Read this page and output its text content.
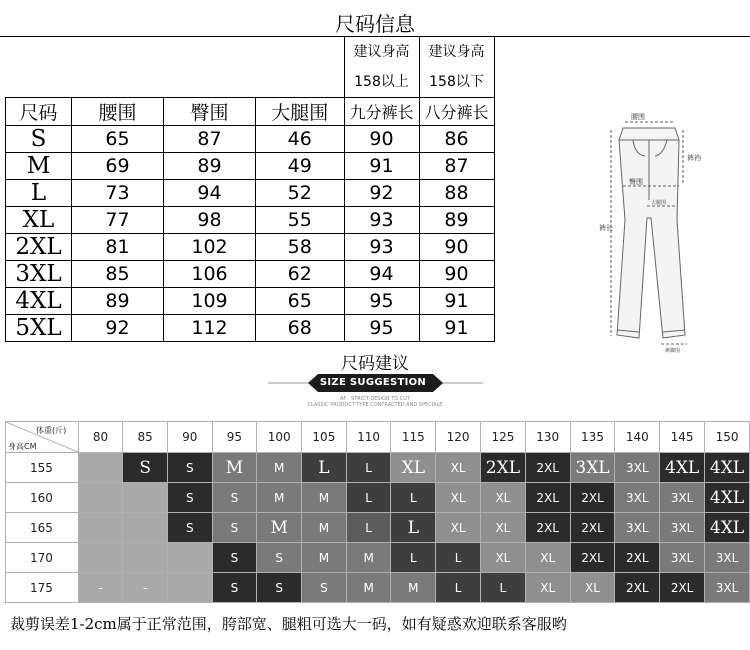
尺码信息
				建议身高	建议身高	
				158以上	158以下	
尺码	腰围	臀围	大腿围	九分裤长	八分裤长	
S	65	87	46	90	86	
M	69	89	49	91	87	
L	73	94	52	92	88	
XL	77	98	55	93	89	
2XL	81	102	58	93	90	
3XL	85	106	62	94	90	
4XL	89	109	65	95	91	
5XL	92	112	68	95	91	
腰围
裤裆
臀围
大腿围
裤长
裤脚围
尺码建议
SIZE SUGGESTION
AF · STRICT DESIGN TO CUT
CLASSIC PRODUCT TYPE CONTRACTED AND SPECIALE
体重(斤)
身高CM	80	85	90	95	100	105	110	115	120	125	130	135	140	145	150
155		S	S	M	M	L	L	XL	XL	2XL	2XL	3XL	3XL	4XL	4XL
160			S	S	M	M	L	L	XL	XL	2XL	2XL	3XL	3XL	4XL
165			S	S	M	M	L	L	XL	XL	2XL	2XL	3XL	3XL	4XL
170				S	S	M	M	L	L	XL	XL	2XL	2XL	3XL	3XL
175	-	-		S	S	S	M	M	L	L	XL	XL	2XL	2XL	3XL
裁剪误差1-2cm属于正常范围，胯部宽、腿粗可选大一码，如有疑惑欢迎联系客服哟
